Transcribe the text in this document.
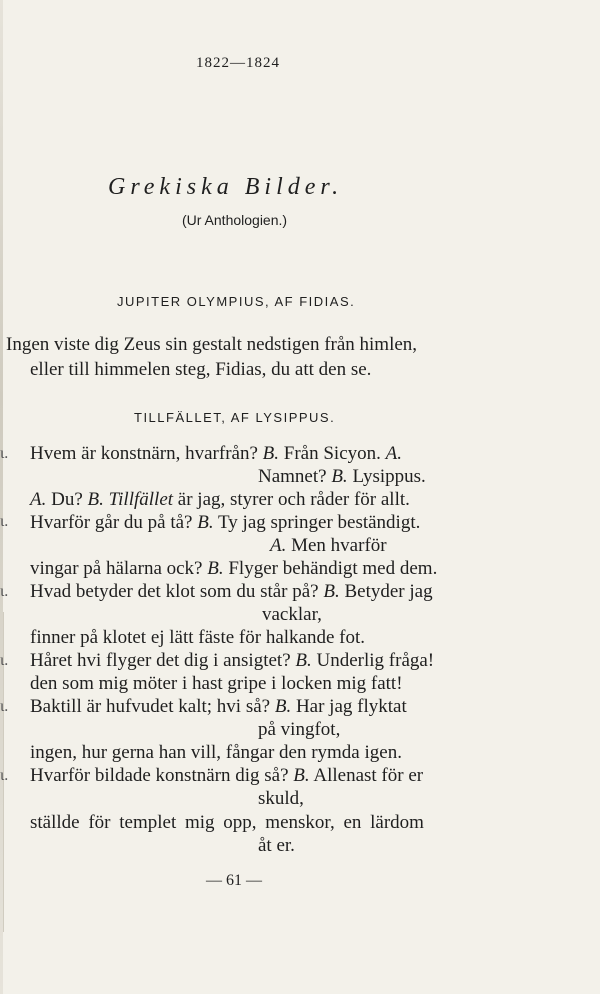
1822—1824
Grekiska Bilder.
(Ur Anthologien.)
JUPITER OLYMPIUS, AF FIDIAS.
Ingen viste dig Zeus sin gestalt nedstigen från himlen,
eller till himmelen steg, Fidias, du att den se.
TILLFÄLLET, AF LYSIPPUS.
ɩ. Hvem är konstnärn, hvarfrån? B. Från Sicyon. A.
Namnet? B. Lysippus.
A. Du? B. Tillfället är jag, styrer och råder för allt.
ɩ. Hvarför går du på tå? B. Ty jag springer beständigt.
A. Men hvarför
vingar på hälarna ock? B. Flyger behändigt med dem.
ɩ. Hvad betyder det klot som du står på? B. Betyder jag
vacklar,
finner på klotet ej lätt fäste för halkande fot.
ɩ. Håret hvi flyger det dig i ansigtet? B. Underlig fråga!
den som mig möter i hast gripe i locken mig fatt!
ɩ. Baktill är hufvudet kalt; hvi så? B. Har jag flyktat
på vingfot,
ingen, hur gerna han vill, fångar den rymda igen.
ɩ. Hvarför bildade konstnärn dig så? B. Allenast för er
skuld,
ställde för templet mig opp, menskor, en lärdom
åt er.
— 61 —
